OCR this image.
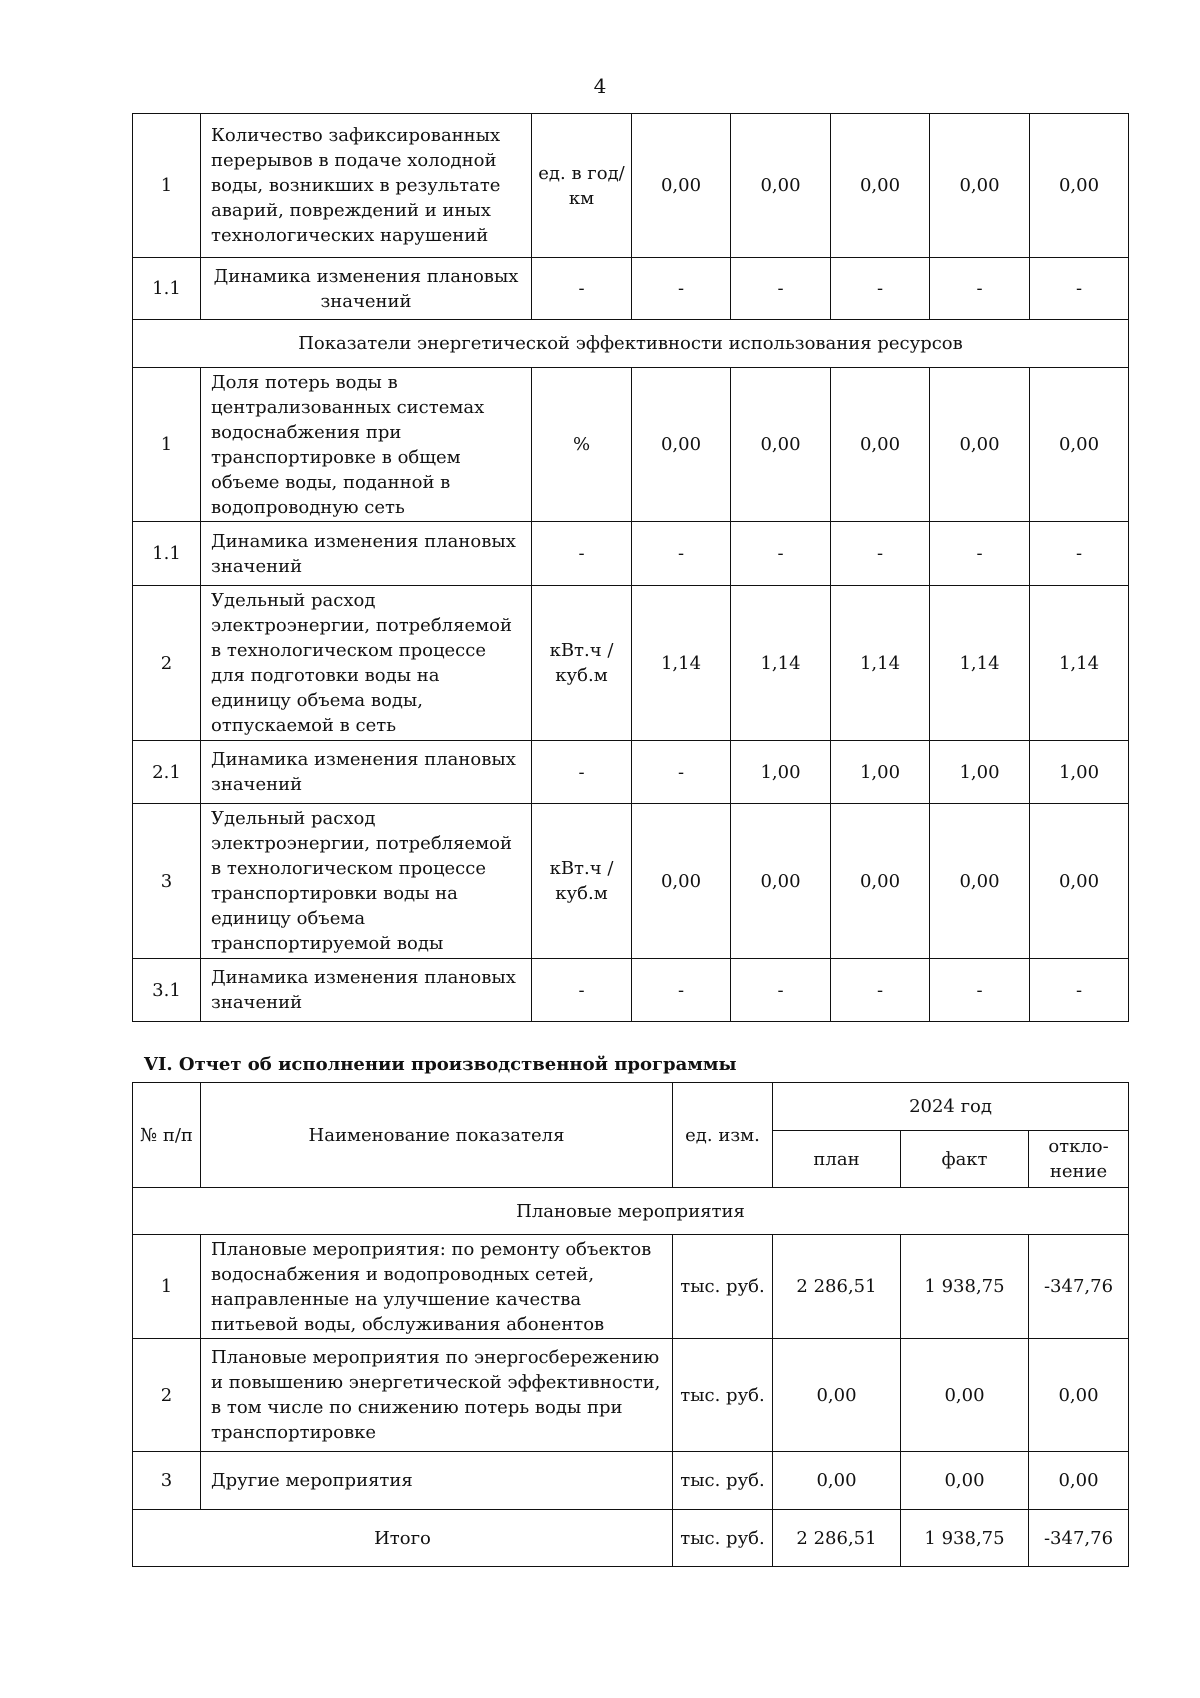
4
1	Количество зафиксированных перерывов в подаче холодной воды, возникших в результате аварий, повреждений и иных технологических нарушений	ед. в год/ км	0,00	0,00	0,00	0,00	0,00
1.1	Динамика изменения плановых значений	-	-	-	-	-	-
Показатели энергетической эффективности использования ресурсов							
1	Доля потерь воды в централизованных системах водоснабжения при транспортировке в общем объеме воды, поданной в водопроводную сеть	%	0,00	0,00	0,00	0,00	0,00
1.1	Динамика изменения плановых значений	-	-	-	-	-	-
2	Удельный расход электроэнергии, потребляемой в технологическом процессе для подготовки воды на единицу объема воды, отпускаемой в сеть	кВт.ч / куб.м	1,14	1,14	1,14	1,14	1,14
2.1	Динамика изменения плановых значений	-	-	1,00	1,00	1,00	1,00
3	Удельный расход электроэнергии, потребляемой в технологическом процессе транспортировки воды на единицу объема транспортируемой воды	кВт.ч / куб.м	0,00	0,00	0,00	0,00	0,00
3.1	Динамика изменения плановых значений	-	-	-	-	-	-
VI. Отчет об исполнении производственной программы
№ п/п	Наименование показателя	ед. изм.	2024 год		
			план	факт	откло-нение
Плановые мероприятия					
1	Плановые мероприятия: по ремонту объектов водоснабжения и водопроводных сетей, направленные на улучшение качества питьевой воды, обслуживания абонентов	тыс. руб.	2 286,51	1 938,75	-347,76
2	Плановые мероприятия по энергосбережению и повышению энергетической эффективности, в том числе по снижению потерь воды при транспортировке	тыс. руб.	0,00	0,00	0,00
3	Другие мероприятия	тыс. руб.	0,00	0,00	0,00
Итого		тыс. руб.	2 286,51	1 938,75	-347,76
